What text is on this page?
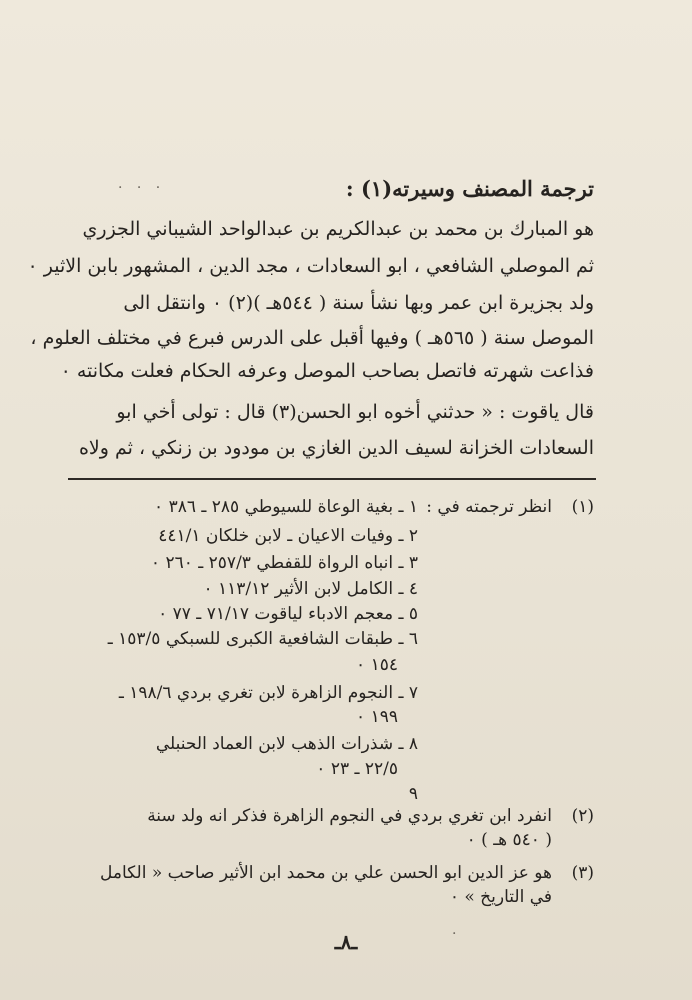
· · ·	ترجمة المصنف وسيرته(١) :
هو المبارك بن محمد بن عبدالكريم بن عبدالواحد الشيباني الجزري
ثم الموصلي الشافعي ، ابو السعادات ، مجد الدين ، المشهور بابن الاثير ٠
ولد بجزيرة ابن عمر وبها نشأ سنة ( ٥٤٤هـ )(٢) ٠ وانتقل الى
الموصل سنة ( ٥٦٥هـ ) وفيها أقبل على الدرس فبرع في مختلف العلوم ،
فذاعت شهرته فاتصل بصاحب الموصل وعرفه الحكام فعلت مكانته ٠
قال ياقوت : « حدثني أخوه ابو الحسن(٣) قال : تولى أخي ابو
السعادات الخزانة لسيف الدين الغازي بن مودود بن زنكي ، ثم ولاه
(١)
انظر ترجمته في :
١ ـ بغية الوعاة للسيوطي ٢٨٥ ـ ٣٨٦ ٠
٢ ـ وفيات الاعيان ـ لابن خلكان ٤٤١/١
٣ ـ انباه الرواة للقفطي ٢٥٧/٣ ـ ٢٦٠ ٠
٤ ـ الكامل لابن الأثير ١١٣/١٢ ٠
٥ ـ معجم الادباء لياقوت ٧١/١٧ ـ ٧٧ ٠
٦ ـ طبقات الشافعية الكبرى للسبكي ١٥٣/٥ ـ
١٥٤ ٠
٧ ـ النجوم الزاهرة لابن تغري بردي ١٩٨/٦ ـ
١٩٩ ٠
٨ ـ شذرات الذهب لابن العماد الحنبلي
٢٢/٥ ـ ٢٣ ٠
٩
(٢)
انفرد ابن تغري بردي في النجوم الزاهرة فذكر انه ولد سنة
( ٥٤٠ هـ ) ٠
(٣)
هو عز الدين ابو الحسن علي بن محمد ابن الأثير صاحب « الكامل
في التاريخ » ٠
·
ـ٨ـ
